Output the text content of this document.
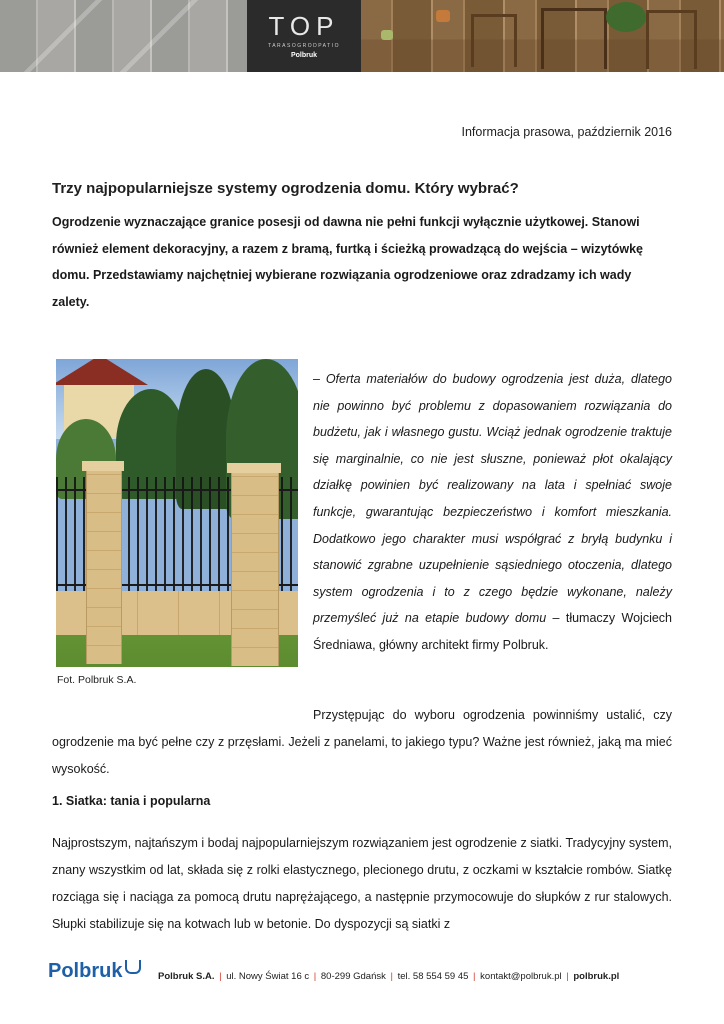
TOP
TARASOGRODPATIO
Polbruk
Informacja prasowa, październik 2016
Trzy najpopularniejsze systemy ogrodzenia domu. Który wybrać?

Ogrodzenie wyznaczające granice posesji od dawna nie pełni funkcji wyłącznie użytkowej. Stanowi również element dekoracyjny, a razem z bramą, furtką i ścieżką prowadzącą do wejścia – wizytówkę domu. Przedstawiamy najchętniej wybierane rozwiązania ogrodzeniowe oraz zdradzamy ich wady zalety.

Fot. Polbruk S.A.

– Oferta materiałów do budowy ogrodzenia jest duża, dlatego nie powinno być problemu z dopasowaniem rozwiązania do budżetu, jak i własnego gustu. Wciąż jednak ogrodzenie traktuje się marginalnie, co nie jest słuszne, ponieważ płot okalający działkę powinien być realizowany na lata i spełniać swoje funkcje, gwarantując bezpieczeństwo i komfort mieszkania. Dodatkowo jego charakter musi współgrać z bryłą budynku i stanowić zgrabne uzupełnienie sąsiedniego otoczenia, dlatego system ogrodzenia i to z czego będzie wykonane, należy przemyśleć już na etapie budowy domu – tłumaczy Wojciech Średniawa, główny architekt firmy Polbruk.

Przystępując do wyboru ogrodzenia powinniśmy ustalić, czy ogrodzenie ma być pełne czy z przęsłami. Jeżeli z panelami, to jakiego typu? Ważne jest również, jaką ma mieć wysokość.

1. Siatka: tania i popularna

Najprostszym, najtańszym i bodaj najpopularniejszym rozwiązaniem jest ogrodzenie z siatki. Tradycyjny system, znany wszystkim od lat, składa się z rolki elastycznego, plecionego drutu, z oczkami w kształcie rombów. Siatkę rozciąga się i naciąga za pomocą drutu naprężającego, a następnie przymocowuje do słupków z rur stalowych. Słupki stabilizuje się na kotwach lub w betonie. Do dyspozycji są siatki z

Polbruk	Polbruk S.A. | ul. Nowy Świat 16 c | 80-299 Gdańsk | tel. 58 554 59 45 | kontakt@polbruk.pl | polbruk.pl
